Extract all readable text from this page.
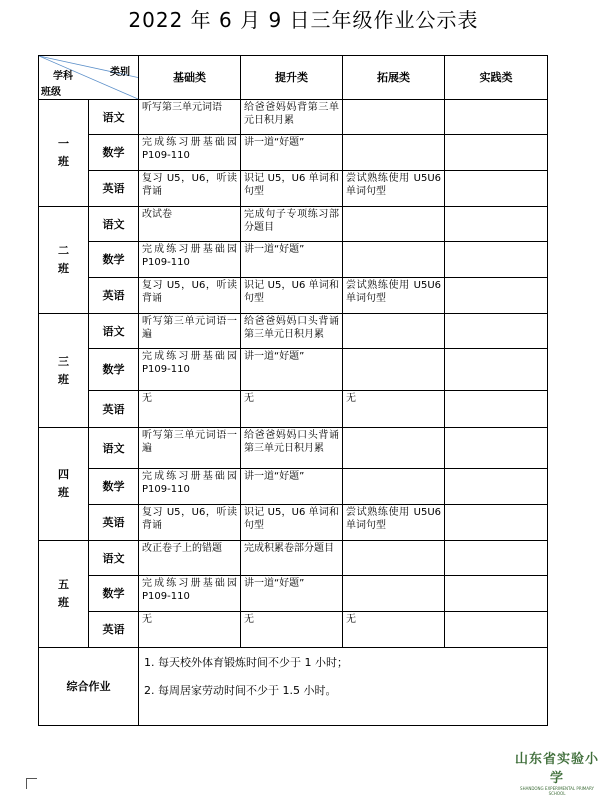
2022 年 6 月 9 日三年级作业公示表
类别
学科
班级		基础类	提升类	拓展类	实践类

一
班	语文	听写第三单元词语	给爸爸妈妈背第三单元日积月累		
	数学	完成练习册基础园 P109-110	讲一道“好题”		
	英语	复习 U5，U6，听读背诵	识记 U5，U6 单词和句型	尝试熟练使用 U5U6 单词句型	

二
班	语文	改试卷	完成句子专项练习部分题目		
	数学	完成练习册基础园 P109-110	讲一道“好题”		
	英语	复习 U5，U6，听读背诵	识记 U5，U6 单词和句型	尝试熟练使用 U5U6 单词句型	

三
班	语文	听写第三单元词语一遍	给爸爸妈妈口头背诵第三单元日积月累		
	数学	完成练习册基础园 P109-110	讲一道“好题”		
	英语	无	无	无	

四
班	语文	听写第三单元词语一遍	给爸爸妈妈口头背诵第三单元日积月累		
	数学	完成练习册基础园 P109-110	讲一道“好题”		
	英语	复习 U5，U6，听读背诵	识记 U5，U6 单词和句型	尝试熟练使用 U5U6 单词句型	

五
班	语文	改正卷子上的错题	完成积累卷部分题目		
	数学	完成练习册基础园 P109-110	讲一道“好题”		
	英语	无	无	无	
综合作业		1. 每天校外体育锻炼时间不少于 1 小时；
2. 每周居家劳动时间不少于 1.5 小时。			
山东省实验小学
SHANDONG EXPERIMENTAL PRIMARY SCHOOL
